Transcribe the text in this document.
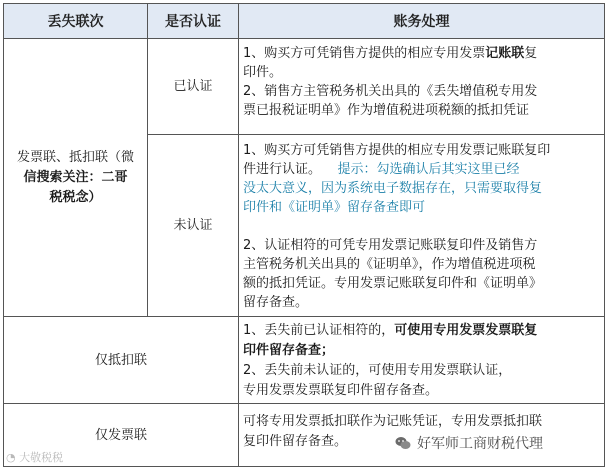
丢失联次	是否认证	账务处理
发票联、抵扣联（微
信搜索关注：二哥
税税念）
已认证
1、购买方可凭销售方提供的相应专用发票记账联复
印件。
2、销售方主管税务机关出具的《丢失增值税专用发
票已报税证明单》作为增值税进项税额的抵扣凭证
未认证
1、购买方可凭销售方提供的相应专用发票记账联复印
件进行认证。 提示：勾选确认后其实这里已经
没太大意义，因为系统电子数据存在，只需要取得复
印件和《证明单》留存备查即可
2、认证相符的可凭专用发票记账联复印件及销售方
主管税务机关出具的《证明单》，作为增值税进项税
额的抵扣凭证。专用发票记账联复印件和《证明单》
留存备查。
仅抵扣联
1、丢失前已认证相符的，可使用专用发票发票联复
印件留存备查；
2、丢失前未认证的，可使用专用发票联认证，
专用发票发票联复印件留存备查。
仅发票联
可将专用发票抵扣联作为记账凭证，专用发票抵扣联
复印件留存备查。
◔ 大敬税税
好军师工商财税代理
